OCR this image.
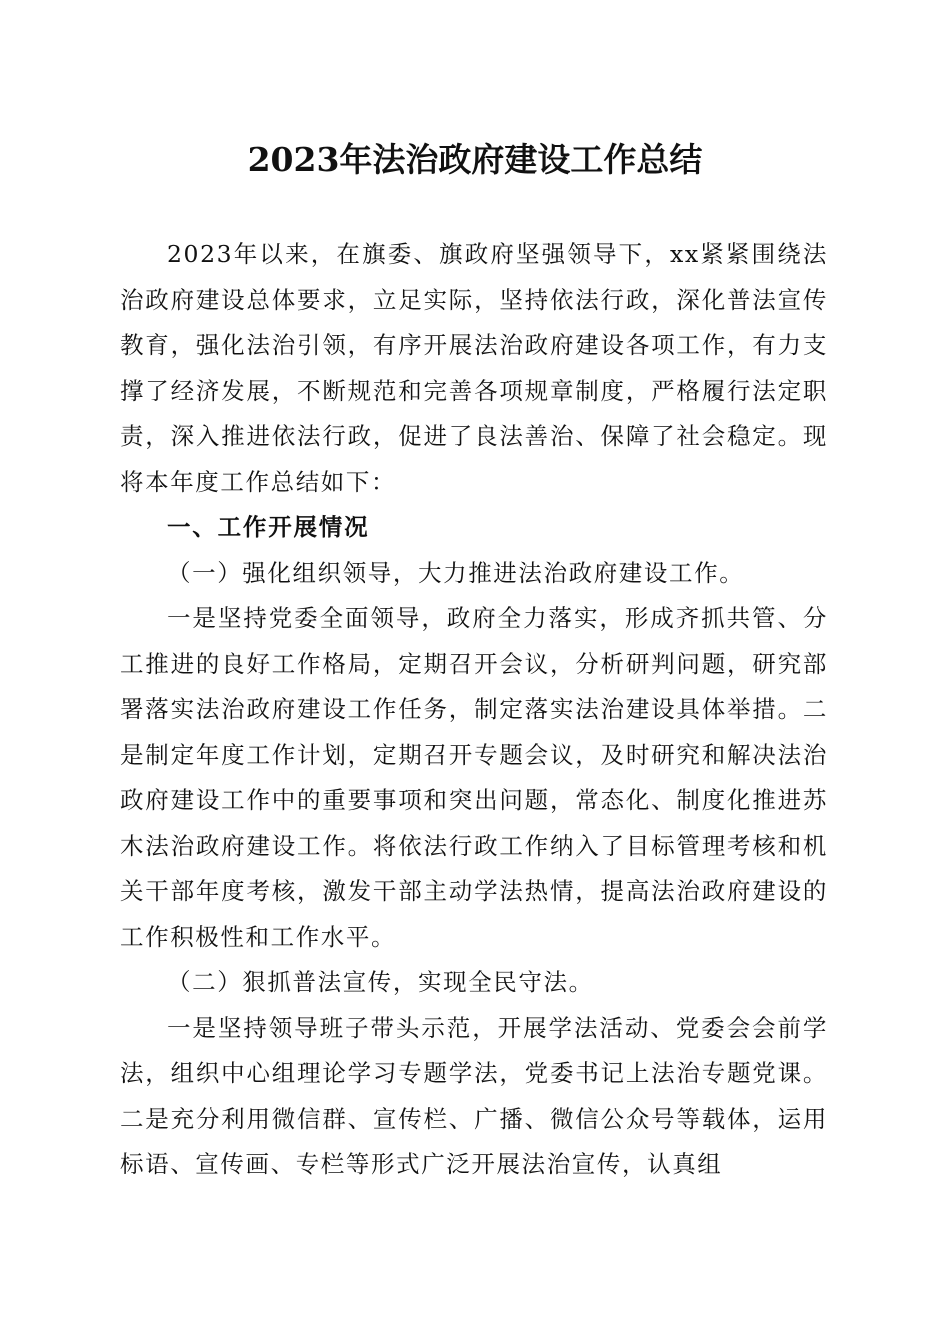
2023年法治政府建设工作总结

2023年以来，在旗委、旗政府坚强领导下，xx紧紧围绕法治政府建设总体要求，立足实际，坚持依法行政，深化普法宣传教育，强化法治引领，有序开展法治政府建设各项工作，有力支撑了经济发展，不断规范和完善各项规章制度，严格履行法定职责，深入推进依法行政，促进了良法善治、保障了社会稳定。现将本年度工作总结如下：

一、工作开展情况

（一）强化组织领导，大力推进法治政府建设工作。

一是坚持党委全面领导，政府全力落实，形成齐抓共管、分工推进的良好工作格局，定期召开会议，分析研判问题，研究部署落实法治政府建设工作任务，制定落实法治建设具体举措。二是制定年度工作计划，定期召开专题会议，及时研究和解决法治政府建设工作中的重要事项和突出问题，常态化、制度化推进苏木法治政府建设工作。将依法行政工作纳入了目标管理考核和机关干部年度考核，激发干部主动学法热情，提高法治政府建设的工作积极性和工作水平。

（二）狠抓普法宣传，实现全民守法。

一是坚持领导班子带头示范，开展学法活动、党委会会前学法，组织中心组理论学习专题学法，党委书记上法治专题党课。二是充分利用微信群、宣传栏、广播、微信公众号等载体，运用标语、宣传画、专栏等形式广泛开展法治宣传，认真组
